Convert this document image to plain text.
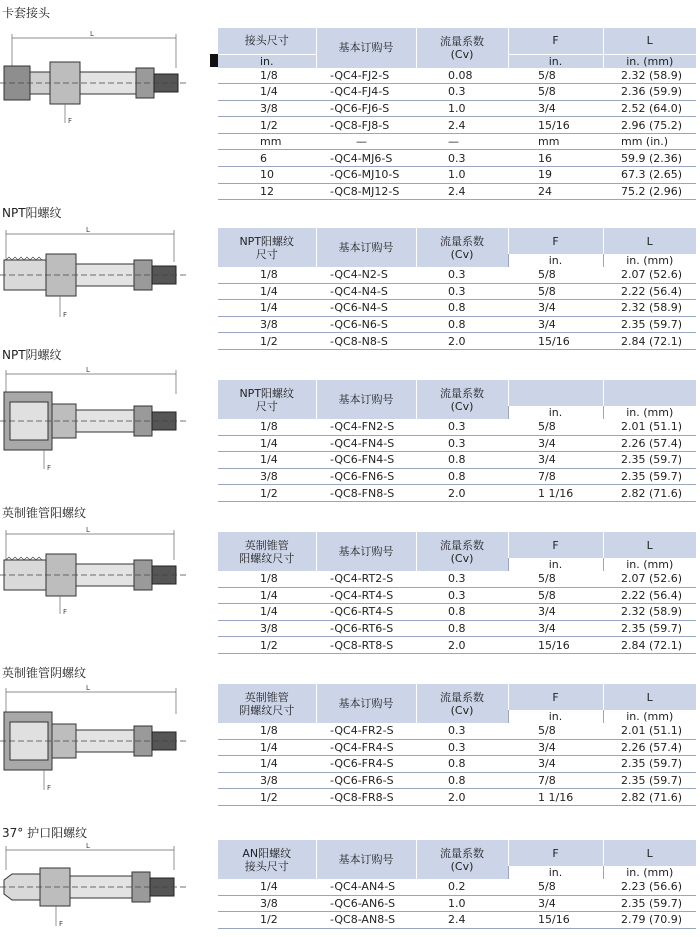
卡套接头
L
F
接头尺寸	基本订购号	流量系数
(Cv)	F	L
in.			in.	in. (mm)
1/8	-QC4-FJ2-S	0.08	5/8	2.32 (58.9)
1/4	-QC4-FJ4-S	0.3	5/8	2.36 (59.9)
3/8	-QC6-FJ6-S	1.0	3/4	2.52 (64.0)
1/2	-QC8-FJ8-S	2.4	15/16	2.96 (75.2)
mm	—	—	mm	mm (in.)
6	-QC4-MJ6-S	0.3	16	59.9 (2.36)
10	-QC6-MJ10-S	1.0	19	67.3 (2.65)
12	-QC8-MJ12-S	2.4	24	75.2 (2.96)
NPT阳螺纹
L
F
NPT阳螺纹
尺寸	基本订购号	流量系数
(Cv)	F	L
			in.	in. (mm)
1/8	-QC4-N2-S	0.3	5/8	2.07 (52.6)
1/4	-QC4-N4-S	0.3	5/8	2.22 (56.4)
1/4	-QC6-N4-S	0.8	3/4	2.32 (58.9)
3/8	-QC6-N6-S	0.8	3/4	2.35 (59.7)
1/2	-QC8-N8-S	2.0	15/16	2.84 (72.1)
NPT阴螺纹
L
F
NPT阳螺纹
尺寸	基本订购号	流量系数
(Cv)		

			in.	in. (mm)
1/8	-QC4-FN2-S	0.3	5/8	2.01 (51.1)
1/4	-QC4-FN4-S	0.3	3/4	2.26 (57.4)
1/4	-QC6-FN4-S	0.8	3/4	2.35 (59.7)
3/8	-QC6-FN6-S	0.8	7/8	2.35 (59.7)
1/2	-QC8-FN8-S	2.0	1 1/16	2.82 (71.6)
英制锥管阳螺纹
L
F
英制锥管
阳螺纹尺寸	基本订购号	流量系数
(Cv)	F	L
			in.	in. (mm)
1/8	-QC4-RT2-S	0.3	5/8	2.07 (52.6)
1/4	-QC4-RT4-S	0.3	5/8	2.22 (56.4)
1/4	-QC6-RT4-S	0.8	3/4	2.32 (58.9)
3/8	-QC6-RT6-S	0.8	3/4	2.35 (59.7)
1/2	-QC8-RT8-S	2.0	15/16	2.84 (72.1)
英制锥管阴螺纹
L
F
英制锥管
阴螺纹尺寸	基本订购号	流量系数
(Cv)	F	L
			in.	in. (mm)
1/8	-QC4-FR2-S	0.3	5/8	2.01 (51.1)
1/4	-QC4-FR4-S	0.3	3/4	2.26 (57.4)
1/4	-QC6-FR4-S	0.8	3/4	2.35 (59.7)
3/8	-QC6-FR6-S	0.8	7/8	2.35 (59.7)
1/2	-QC8-FR8-S	2.0	1 1/16	2.82 (71.6)
37° 护口阳螺纹
L
F
AN阳螺纹
接头尺寸	基本订购号	流量系数
(Cv)	F	L
			in.	in. (mm)
1/4	-QC4-AN4-S	0.2	5/8	2.23 (56.6)
3/8	-QC6-AN6-S	1.0	3/4	2.35 (59.7)
1/2	-QC8-AN8-S	2.4	15/16	2.79 (70.9)
